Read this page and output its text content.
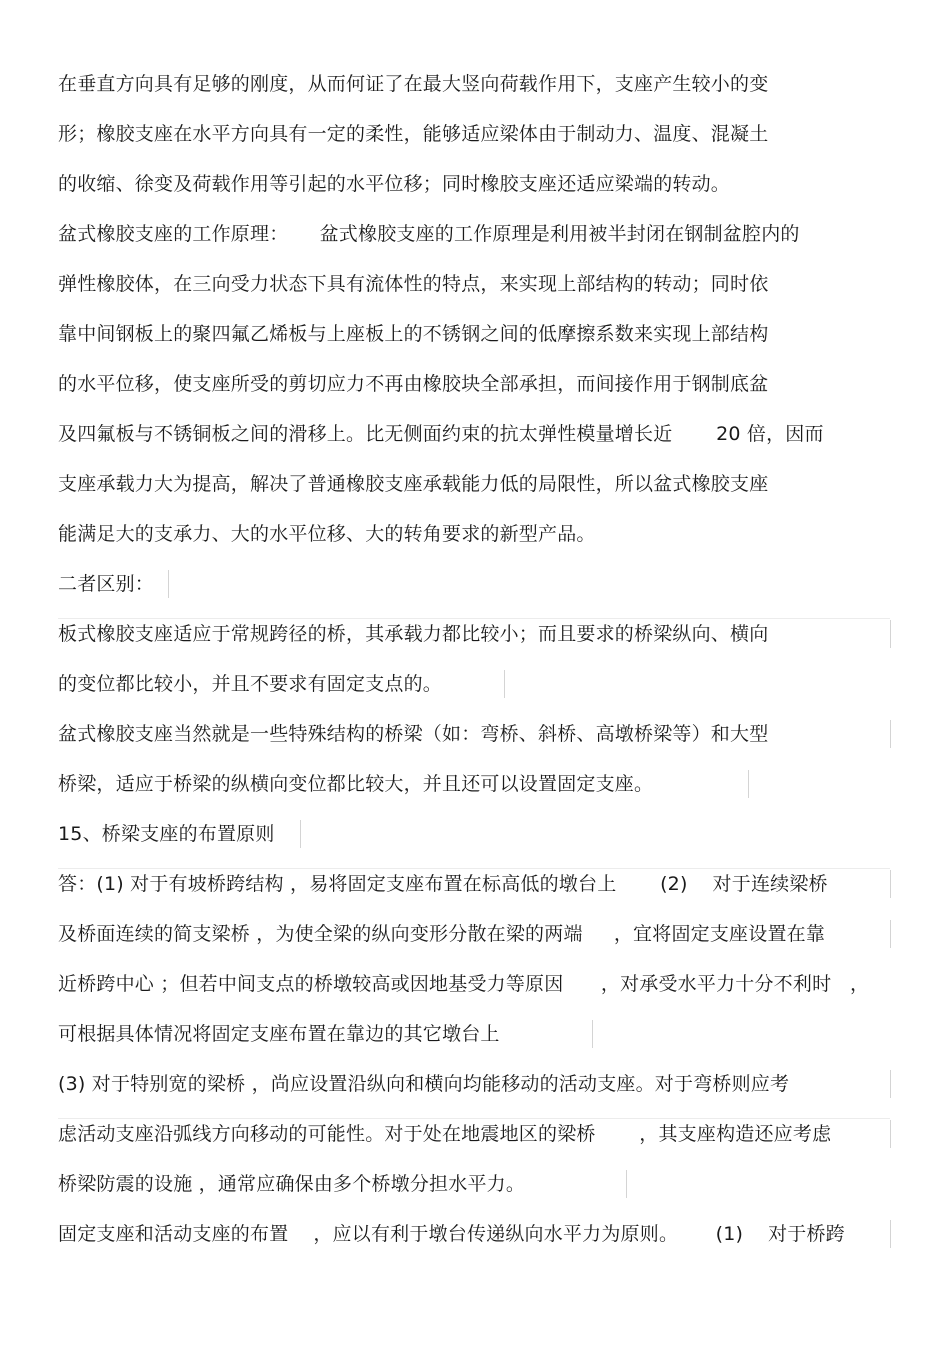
在垂直方向具有足够的刚度，从而何证了在最大竖向荷载作用下，支座产生较小的变
形；橡胶支座在水平方向具有一定的柔性，能够适应梁体由于制动力、温度、混凝土
的收缩、徐变及荷载作用等引起的水平位移；同时橡胶支座还适应梁端的转动。
盆式橡胶支座的工作原理：     盆式橡胶支座的工作原理是利用被半封闭在钢制盆腔内的
弹性橡胶体，在三向受力状态下具有流体性的特点，来实现上部结构的转动；同时依
靠中间钢板上的聚四氟乙烯板与上座板上的不锈钢之间的低摩擦系数来实现上部结构
的水平位移，使支座所受的剪切应力不再由橡胶块全部承担，而间接作用于钢制底盆
及四氟板与不锈铜板之间的滑移上。比无侧面约束的抗太弹性模量增长近       20 倍，因而
支座承载力大为提高，解决了普通橡胶支座承载能力低的局限性，所以盆式橡胶支座
能满足大的支承力、大的水平位移、大的转角要求的新型产品。
二者区别：
板式橡胶支座适应于常规跨径的桥，其承载力都比较小；而且要求的桥梁纵向、横向
的变位都比较小，并且不要求有固定支点的。
盆式橡胶支座当然就是一些特殊结构的桥梁（如：弯桥、斜桥、高墩桥梁等）和大型
桥梁，适应于桥梁的纵横向变位都比较大，并且还可以设置固定支座。
15、桥梁支座的布置原则
答：(1) 对于有坡桥跨结构 ，易将固定支座布置在标高低的墩台上       (2)    对于连续梁桥
及桥面连续的简支梁桥 ，为使全梁的纵向变形分散在梁的两端     ，宜将固定支座设置在靠
近桥跨中心 ；但若中间支点的桥墩较高或因地基受力等原因      ，对承受水平力十分不利时   ，
可根据具体情况将固定支座布置在靠边的其它墩台上
(3) 对于特别宽的梁桥 ，尚应设置沿纵向和横向均能移动的活动支座。对于弯桥则应考
虑活动支座沿弧线方向移动的可能性。对于处在地震地区的梁桥       ，其支座构造还应考虑
桥梁防震的设施 ，通常应确保由多个桥墩分担水平力。
固定支座和活动支座的布置    ，应以有利于墩台传递纵向水平力为原则。      (1)    对于桥跨
